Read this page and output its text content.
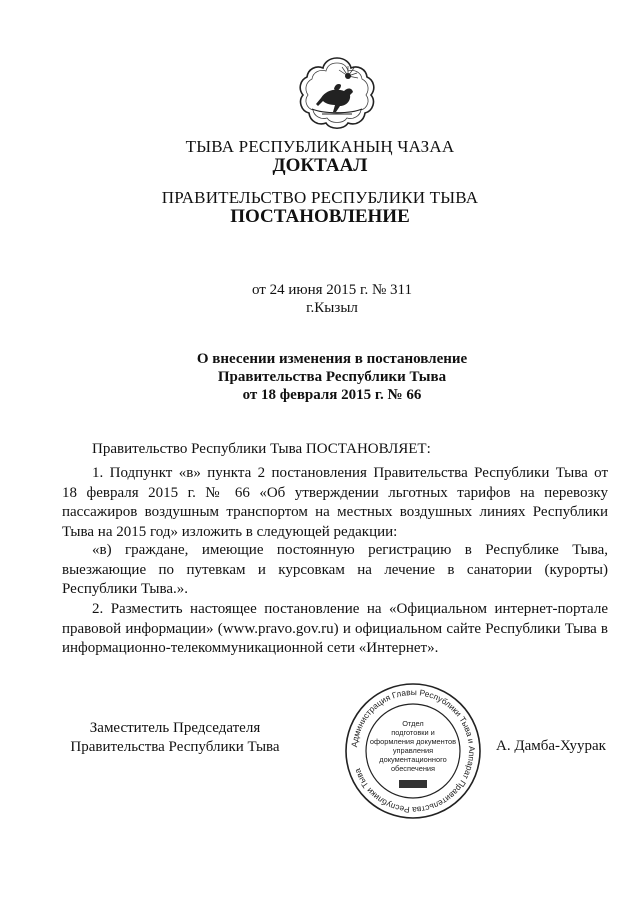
ТЫВА РЕСПУБЛИКАНЫҢ ЧАЗАА
ДОКТААЛ
ПРАВИТЕЛЬСТВО РЕСПУБЛИКИ ТЫВА
ПОСТАНОВЛЕНИЕ
от 24 июня 2015 г. № 311
г.Кызыл
О внесении изменения в постановление
Правительства Республики Тыва
от 18 февраля 2015 г. № 66
Правительство Республики Тыва ПОСТАНОВЛЯЕТ:
1. Подпункт «в» пункта 2 постановления Правительства Республики Тыва от
18 февраля 2015 г. № 66 «Об утверждении льготных тарифов на перевозку
пассажиров воздушным транспортом на местных воздушных линиях Республики
Тыва на 2015 год» изложить в следующей редакции:
«в) граждане, имеющие постоянную регистрацию в Республике Тыва,
выезжающие по путевкам и курсовкам на лечение в санатории (курорты)
Республики Тыва.».
2. Разместить настоящее постановление на «Официальном интернет-портале
правовой информации» (www.pravo.gov.ru) и официальном сайте Республики Тыва в
информационно-телекоммуникационной сети «Интернет».
Заместитель Председателя
Правительства Республики Тыва	Администрация Главы Республики Тыва и Аппарат Правительства Республики Тыва
Отдел
подготовки и
оформления документов
управления
документационного
обеспечения
А. Дамба-Хуурак
